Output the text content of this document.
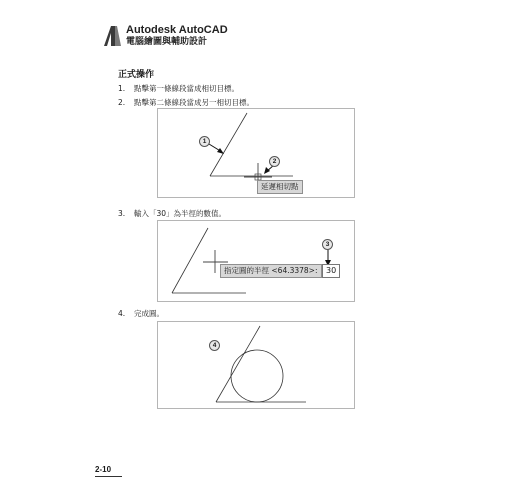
Autodesk AutoCAD
電腦繪圖與輔助設計
正式操作
1. 點擊第一條線段當成相切目標。
2. 點擊第二條線段當成另一相切目標。
1
2
延遲相切點
3. 輸入「30」為半徑的數值。
3
指定圓的半徑 <64.3378>:	30
4. 完成圓。
4
2-10
